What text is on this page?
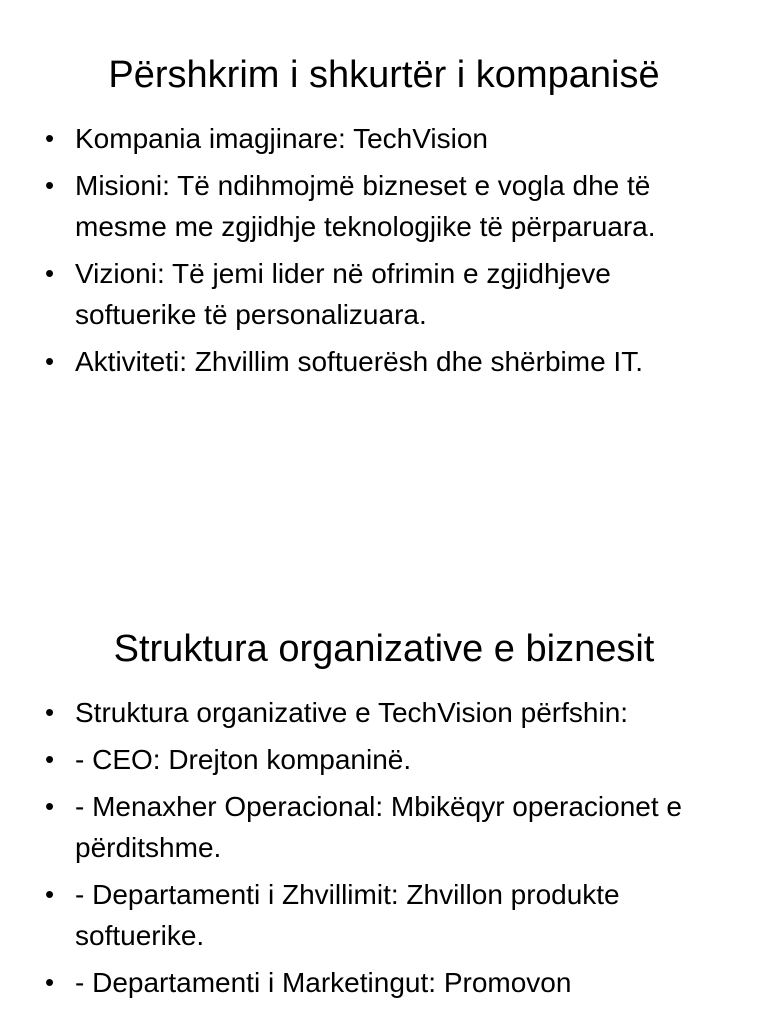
Përshkrim i shkurtër i kompanisë
• Kompania imagjinare: TechVision
• Misioni: Të ndihmojmë bizneset e vogla dhe të mesme me zgjidhje teknologjike të përparuara.
• Vizioni: Të jemi lider në ofrimin e zgjidhjeve softuerike të personalizuara.
• Aktiviteti: Zhvillim softuerësh dhe shërbime IT.
Struktura organizative e biznesit
• Struktura organizative e TechVision përfshin:
• - CEO: Drejton kompaninë.
• - Menaxher Operacional: Mbikëqyr operacionet e përditshme.
• - Departamenti i Zhvillimit: Zhvillon produkte softuerike.
• - Departamenti i Marketingut: Promovon
